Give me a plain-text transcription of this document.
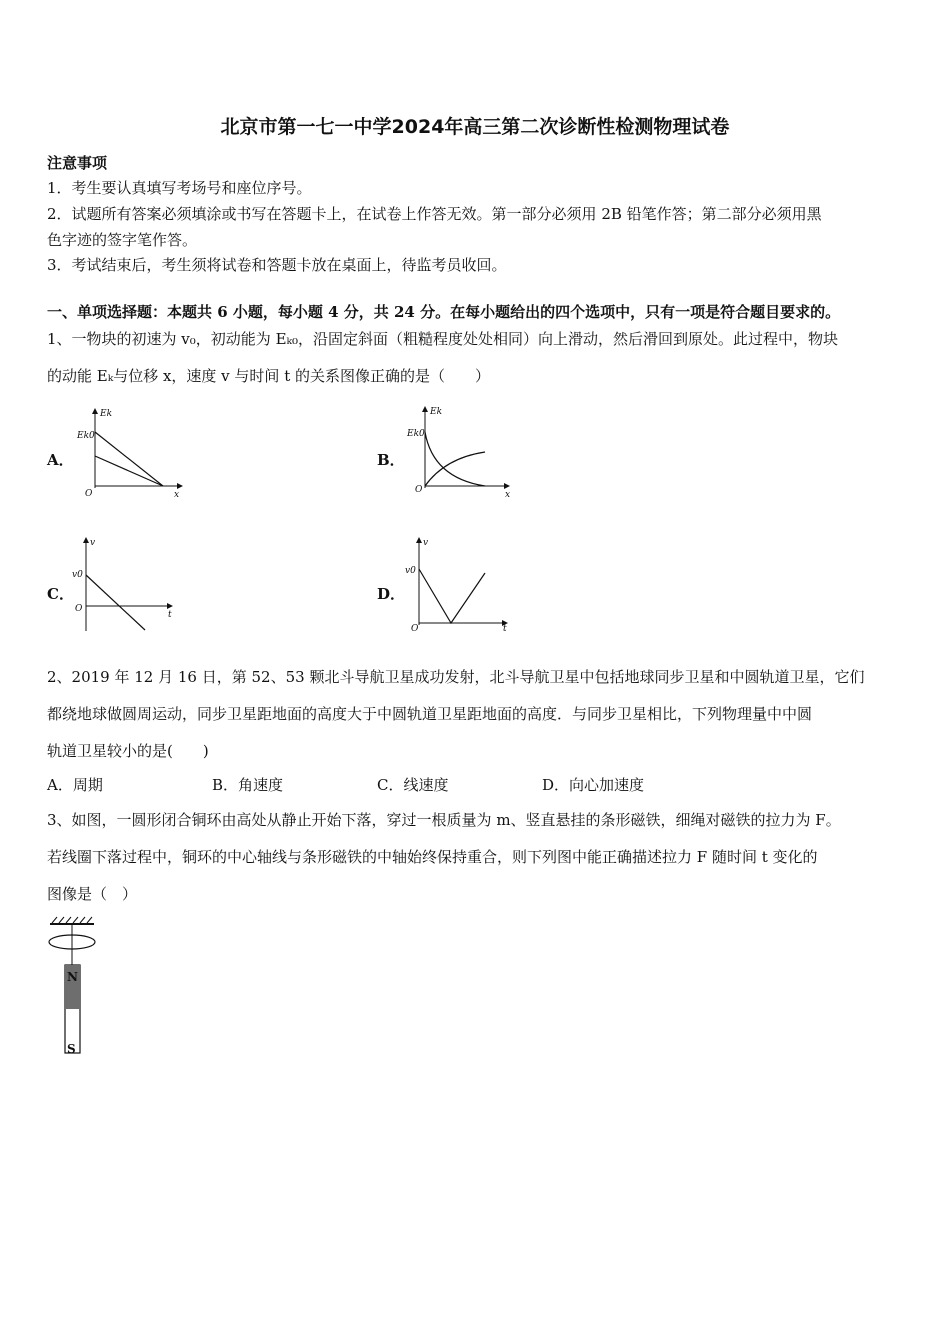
北京市第一七一中学2024年高三第二次诊断性检测物理试卷
注意事项
1．考生要认真填写考场号和座位序号。
2．试题所有答案必须填涂或书写在答题卡上，在试卷上作答无效。第一部分必须用 2B 铅笔作答；第二部分必须用黑
色字迹的签字笔作答。
3．考试结束后，考生须将试卷和答题卡放在桌面上，待监考员收回。
一、单项选择题：本题共 6 小题，每小题 4 分，共 24 分。在每小题给出的四个选项中，只有一项是符合题目要求的。
1、一物块的初速为 v₀，初动能为 Eₖ₀，沿固定斜面（粗糙程度处处相同）向上滑动，然后滑回到原处。此过程中，物块
的动能 Eₖ与位移 x，速度 v 与时间 t 的关系图像正确的是（　　）
A．
Ek
Ek0
O	x
B．
Ek
Ek0
O	x
C．
v
v0
O
t
D．
v
v0
O	t
2、2019 年 12 月 16 日，第 52、53 颗北斗导航卫星成功发射，北斗导航卫星中包括地球同步卫星和中圆轨道卫星，它们
都绕地球做圆周运动，同步卫星距地面的高度大于中圆轨道卫星距地面的高度．与同步卫星相比，下列物理量中中圆
轨道卫星较小的是(　　)
A．周期	B．角速度	C．线速度	D．向心加速度
3、如图，一圆形闭合铜环由高处从静止开始下落，穿过一根质量为 m、竖直悬挂的条形磁铁，细绳对磁铁的拉力为 F。
若线圈下落过程中，铜环的中心轴线与条形磁铁的中轴始终保持重合，则下列图中能正确描述拉力 F 随时间 t 变化的
图像是（　）
N
S
